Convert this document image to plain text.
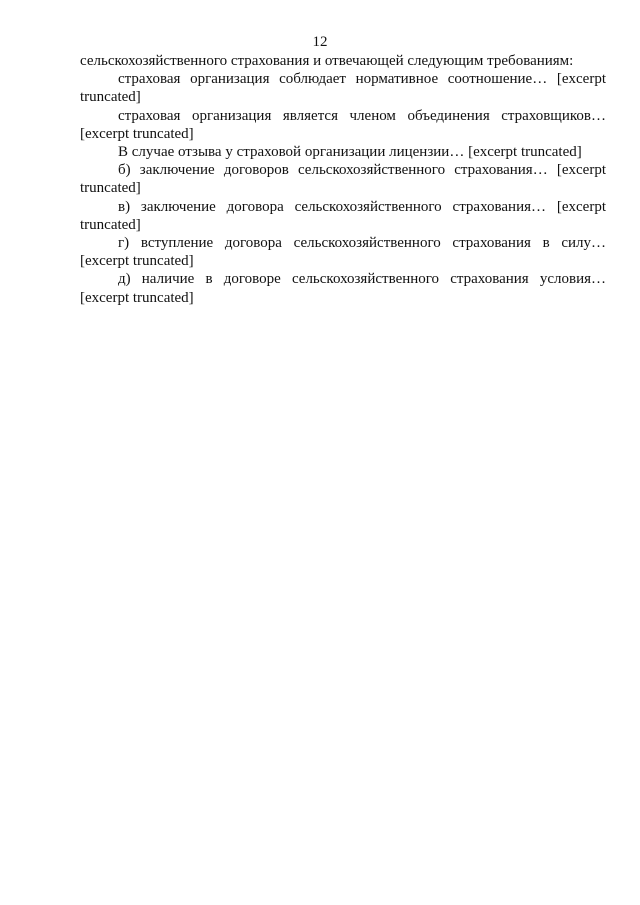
12

сельскохозяйственного страхования и отвечающей следующим требованиям:

страховая организация соблюдает нормативное соотношение… [excerpt truncated]

страховая организация является членом объединения страховщиков… [excerpt truncated]

В случае отзыва у страховой организации лицензии… [excerpt truncated]

б) заключение договоров сельскохозяйственного страхования… [excerpt truncated]

в) заключение договора сельскохозяйственного страхования… [excerpt truncated]

г) вступление договора сельскохозяйственного страхования в силу… [excerpt truncated]

д) наличие в договоре сельскохозяйственного страхования условия… [excerpt truncated]
